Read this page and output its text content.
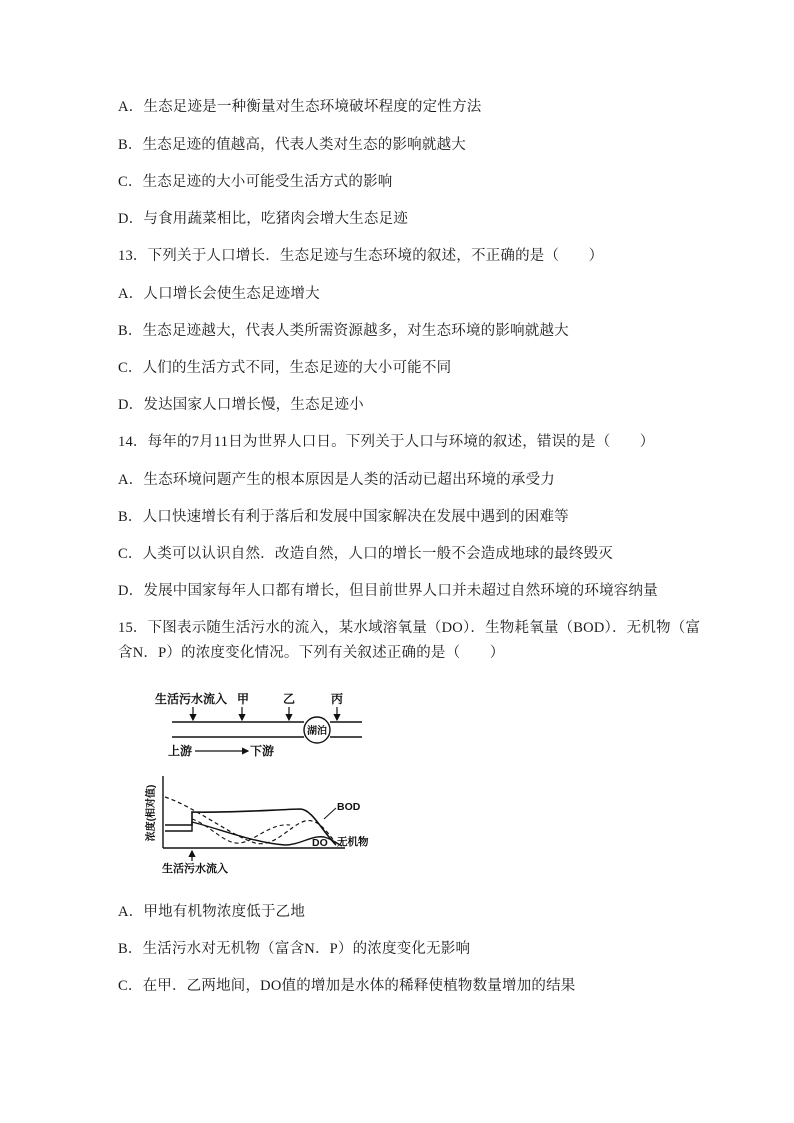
A．生态足迹是一种衡量对生态环境破坏程度的定性方法
B．生态足迹的值越高，代表人类对生态的影响就越大
C．生态足迹的大小可能受生活方式的影响
D．与食用蔬菜相比，吃猪肉会增大生态足迹
13．下列关于人口增长．生态足迹与生态环境的叙述，不正确的是（　　）
A．人口增长会使生态足迹增大
B．生态足迹越大，代表人类所需资源越多，对生态环境的影响就越大
C．人们的生活方式不同，生态足迹的大小可能不同
D．发达国家人口增长慢，生态足迹小
14．每年的7月11日为世界人口日。下列关于人口与环境的叙述，错误的是（　　）
A．生态环境问题产生的根本原因是人类的活动已超出环境的承受力
B．人口快速增长有利于落后和发展中国家解决在发展中遇到的困难等
C．人类可以认识自然．改造自然，人口的增长一般不会造成地球的最终毁灭
D．发展中国家每年人口都有增长，但目前世界人口并未超过自然环境的环境容纳量
15．下图表示随生活污水的流入，某水域溶氧量（DO）．生物耗氧量（BOD）．无机物（富
含N．P）的浓度变化情况。下列有关叙述正确的是（　　）
生活污水流入 甲	乙	丙
湖泊
上游	下游
浓度(相对值)	BOD
DO 无机物
生活污水流入
A．甲地有机物浓度低于乙地
B．生活污水对无机物（富含N．P）的浓度变化无影响
C．在甲．乙两地间，DO值的增加是水体的稀释使植物数量增加的结果
